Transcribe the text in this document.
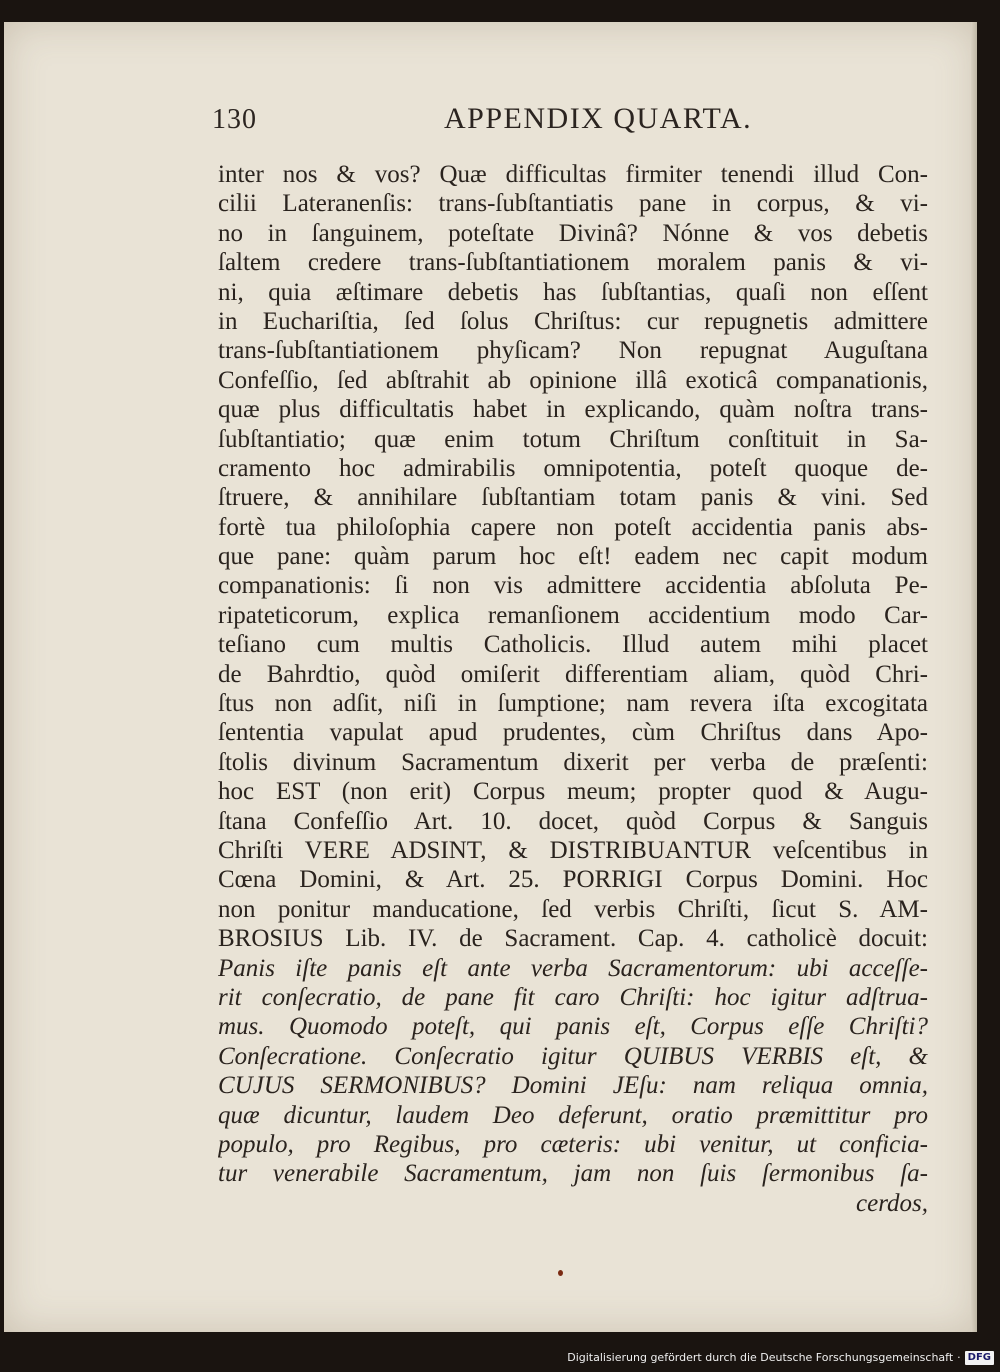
130	APPENDIX QUARTA.
inter nos & vos? Quæ difficultas firmiter tenendi illud Con-
cilii Lateranenſis: trans-ſubſtantiatis pane in corpus, & vi-
no in ſanguinem, poteſtate Divinâ? Nónne & vos debetis
ſaltem credere trans-ſubſtantiationem moralem panis & vi-
ni, quia æſtimare debetis has ſubſtantias, quaſi non eſſent
in Euchariſtia, ſed ſolus Chriſtus: cur repugnetis admittere
trans-ſubſtantiationem phyſicam? Non repugnat Auguſtana
Confeſſio, ſed abſtrahit ab opinione illâ exoticâ companationis,
quæ plus difficultatis habet in explicando, quàm noſtra trans-
ſubſtantiatio; quæ enim totum Chriſtum conſtituit in Sa-
cramento hoc admirabilis omnipotentia, poteſt quoque de-
ſtruere, & annihilare ſubſtantiam totam panis & vini. Sed
fortè tua philoſophia capere non poteſt accidentia panis abs-
que pane: quàm parum hoc eſt! eadem nec capit modum
companationis: ſi non vis admittere accidentia abſoluta Pe-
ripateticorum, explica remanſionem accidentium modo Car-
teſiano cum multis Catholicis. Illud autem mihi placet
de Bahrdtio, quòd omiſerit differentiam aliam, quòd Chri-
ſtus non adſit, niſi in ſumptione; nam revera iſta excogitata
ſententia vapulat apud prudentes, cùm Chriſtus dans Apo-
ſtolis divinum Sacramentum dixerit per verba de præſenti:
hoc EST (non erit) Corpus meum; propter quod & Augu-
ſtana Confeſſio Art. 10. docet, quòd Corpus & Sanguis
Chriſti VERE ADSINT, & DISTRIBUANTUR veſcentibus in
Cœna Domini, & Art. 25. PORRIGI Corpus Domini. Hoc
non ponitur manducatione, ſed verbis Chriſti, ſicut S. AM-
BROSIUS Lib. IV. de Sacrament. Cap. 4. catholicè docuit:
Panis iſte panis eſt ante verba Sacramentorum: ubi acceſſe-
rit conſecratio, de pane fit caro Chriſti: hoc igitur adſtrua-
mus. Quomodo poteſt, qui panis eſt, Corpus eſſe Chriſti?
Conſecratione. Conſecratio igitur QUIBUS VERBIS eſt, &
CUJUS SERMONIBUS? Domini JEſu: nam reliqua omnia,
quæ dicuntur, laudem Deo deferunt, oratio præmittitur pro
populo, pro Regibus, pro cæteris: ubi venitur, ut conficia-
tur venerabile Sacramentum, jam non ſuis ſermonibus ſa-
cerdos,
Digitalisierung gefördert durch die Deutsche Forschungsgemeinschaft · DFG
